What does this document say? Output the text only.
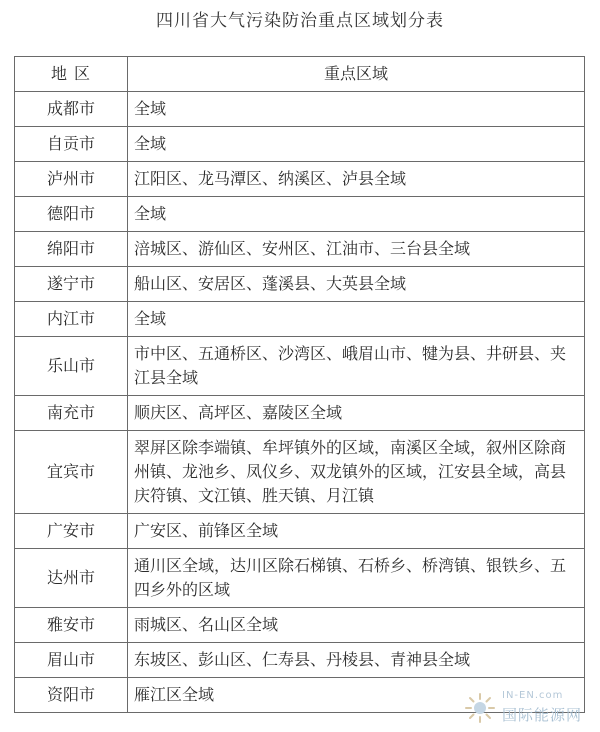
四川省大气污染防治重点区域划分表
地 区	重点区域
成都市	全域
自贡市	全域
泸州市	江阳区、龙马潭区、纳溪区、泸县全域
德阳市	全域
绵阳市	涪城区、游仙区、安州区、江油市、三台县全域
遂宁市	船山区、安居区、蓬溪县、大英县全域
内江市	全域
乐山市	市中区、五通桥区、沙湾区、峨眉山市、犍为县、井研县、夹江县全域
南充市	顺庆区、高坪区、嘉陵区全域
宜宾市	翠屏区除李端镇、牟坪镇外的区域，南溪区全域，叙州区除商州镇、龙池乡、凤仪乡、双龙镇外的区域，江安县全域，高县庆符镇、文江镇、胜天镇、月江镇
广安市	广安区、前锋区全域
达州市	通川区全域，达川区除石梯镇、石桥乡、桥湾镇、银铁乡、五四乡外的区域
雅安市	雨城区、名山区全域
眉山市	东坡区、彭山区、仁寿县、丹棱县、青神县全域
资阳市	雁江区全域	IN-EN.com
国际能源网
